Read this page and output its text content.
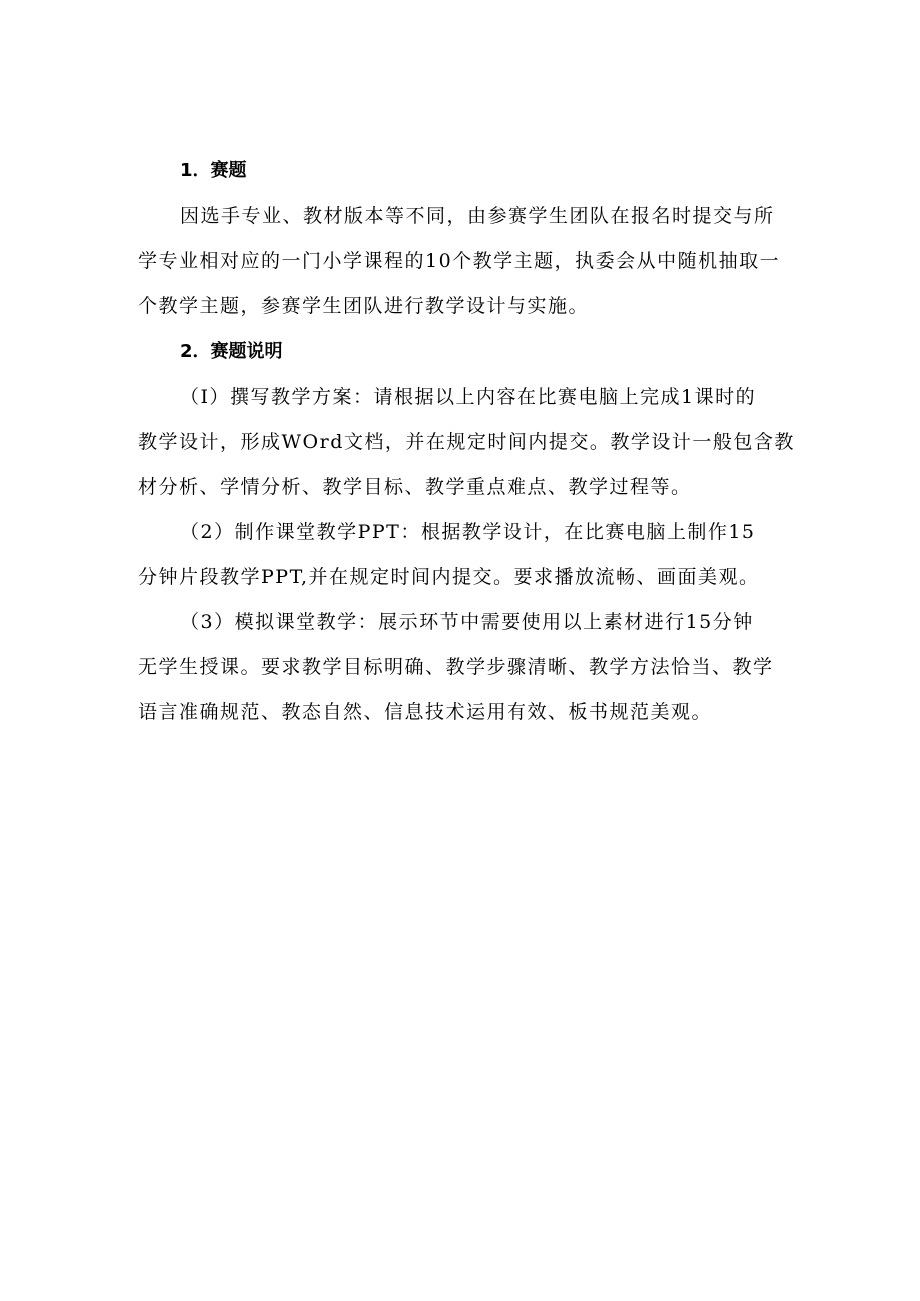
1．赛题

因选手专业、教材版本等不同，由参赛学生团队在报名时提交与所
学专业相对应的一门小学课程的10个教学主题，执委会从中随机抽取一
个教学主题，参赛学生团队进行教学设计与实施。

2．赛题说明

（I）撰写教学方案：请根据以上内容在比赛电脑上完成1课时的
教学设计，形成WOrd文档，并在规定时间内提交。教学设计一般包含教
材分析、学情分析、教学目标、教学重点难点、教学过程等。

（2）制作课堂教学PPT：根据教学设计，在比赛电脑上制作15
分钟片段教学PPT,并在规定时间内提交。要求播放流畅、画面美观。

（3）模拟课堂教学：展示环节中需要使用以上素材进行15分钟
无学生授课。要求教学目标明确、教学步骤清晰、教学方法恰当、教学
语言准确规范、教态自然、信息技术运用有效、板书规范美观。
